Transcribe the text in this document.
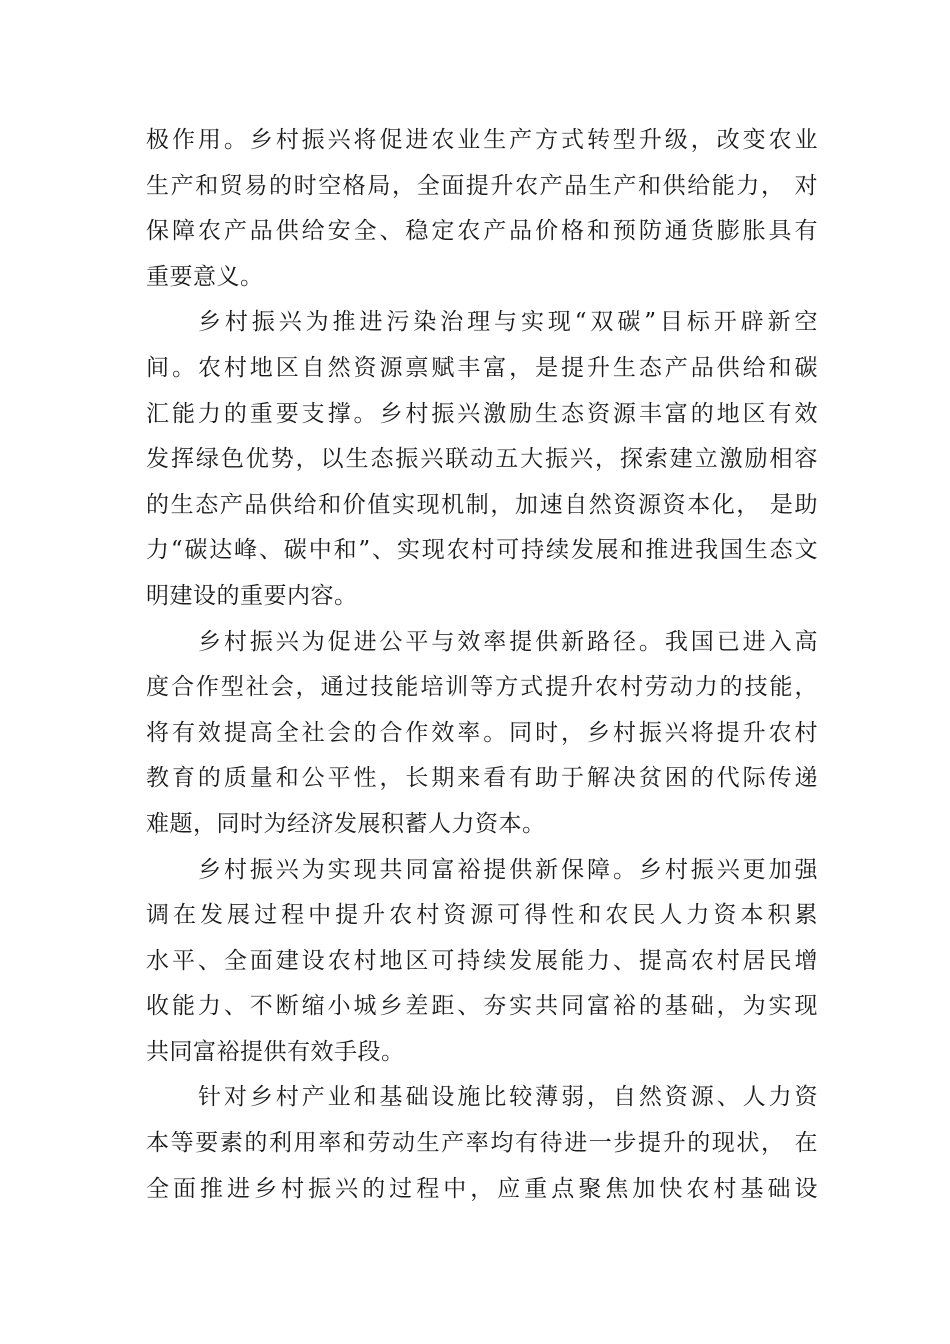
极作用。乡村振兴将促进农业生产方式转型升级，改变农业
生产和贸易的时空格局，全面提升农产品生产和供给能力， 对
保障农产品供给安全、稳定农产品价格和预防通货膨胀具有
重要意义。
乡村振兴为推进污染治理与实现“双碳”目标开辟新空
间。农村地区自然资源禀赋丰富，是提升生态产品供给和碳
汇能力的重要支撑。乡村振兴激励生态资源丰富的地区有效
发挥绿色优势，以生态振兴联动五大振兴，探索建立激励相容
的生态产品供给和价值实现机制，加速自然资源资本化， 是助
力“碳达峰、碳中和”、实现农村可持续发展和推进我国生态文
明建设的重要内容。
乡村振兴为促进公平与效率提供新路径。我国已进入高
度合作型社会，通过技能培训等方式提升农村劳动力的技能，
将有效提高全社会的合作效率。同时，乡村振兴将提升农村
教育的质量和公平性，长期来看有助于解决贫困的代际传递
难题，同时为经济发展积蓄人力资本。
乡村振兴为实现共同富裕提供新保障。乡村振兴更加强
调在发展过程中提升农村资源可得性和农民人力资本积累
水平、全面建设农村地区可持续发展能力、提高农村居民增
收能力、不断缩小城乡差距、夯实共同富裕的基础，为实现
共同富裕提供有效手段。
针对乡村产业和基础设施比较薄弱，自然资源、人力资
本等要素的利用率和劳动生产率均有待进一步提升的现状， 在
全面推进乡村振兴的过程中，应重点聚焦加快农村基础设
